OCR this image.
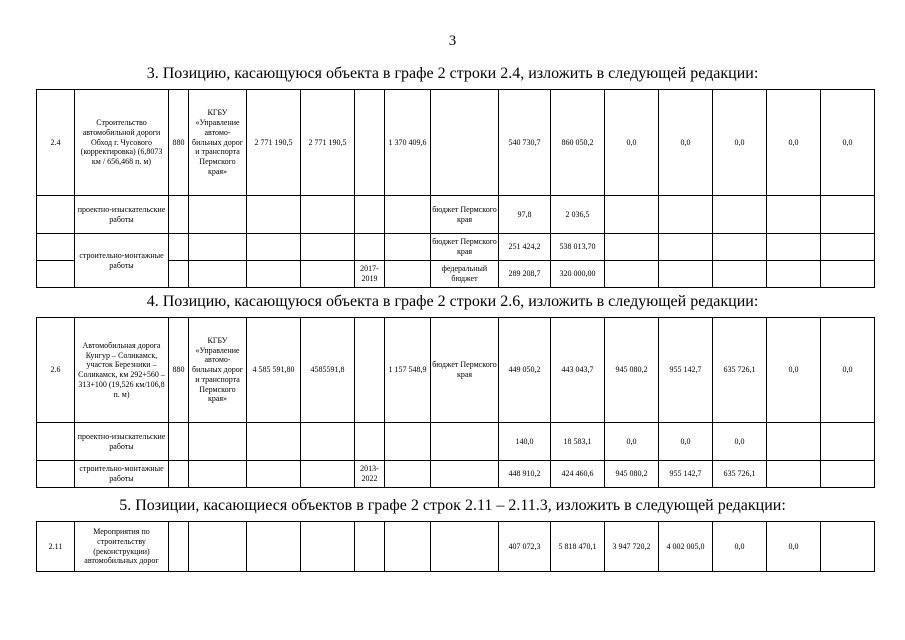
3
3. Позицию, касающуюся объекта в графе 2 строки 2.4, изложить в следующей редакции:
2.4	Строительство автомобильной дороги Обход г. Чусового (корректировка) (6,8073 км / 656,468 п. м)	880	КГБУ «Управление автомо-бильных дорог и транспорта Пермского края»	2 771 190,5	2 771 190,5		1 370 409,6		540 730,7	860 050,2	0,0	0,0	0,0	0,0	0,0
	проектно-изыскательские работы							бюджет Пермского края	97,8	2 036,5					
	строительно-монтажные работы							бюджет Пермского края	251 424,2	538 013,70					
						2017-2019		федеральный бюджет	289 208,7	320 000,00					
4. Позицию, касающуюся объекта в графе 2 строки 2.6, изложить в следующей редакции:
2.6	Автомобильная дорога Кунгур – Соликамск, участок Березники – Соликамск, км 292+560 – 313+100 (19,526 км/106,8 п. м)	880	КГБУ «Управление автомо-бильных дорог и транспорта Пермского края»	4 585 591,80	4585591,8		1 157 548,9	бюджет Пермского края	449 050,2	443 043,7	945 080,2	955 142,7	635 726,1	0,0	0,0
	проектно-изыскательские работы								140,0	18 583,1	0,0	0,0	0,0		
	строительно-монтажные работы					2013-2022			448 910,2	424 460,6	945 080,2	955 142,7	635 726,1		
5. Позиции, касающиеся объектов в графе 2 строк 2.11 – 2.11.3, изложить в следующей редакции:
2.11	Мероприятия по строительству (реконструкции) автомобильных дорог								407 072,3	5 818 470,1	3 947 720,2	4 002 005,0	0,0	0,0	
